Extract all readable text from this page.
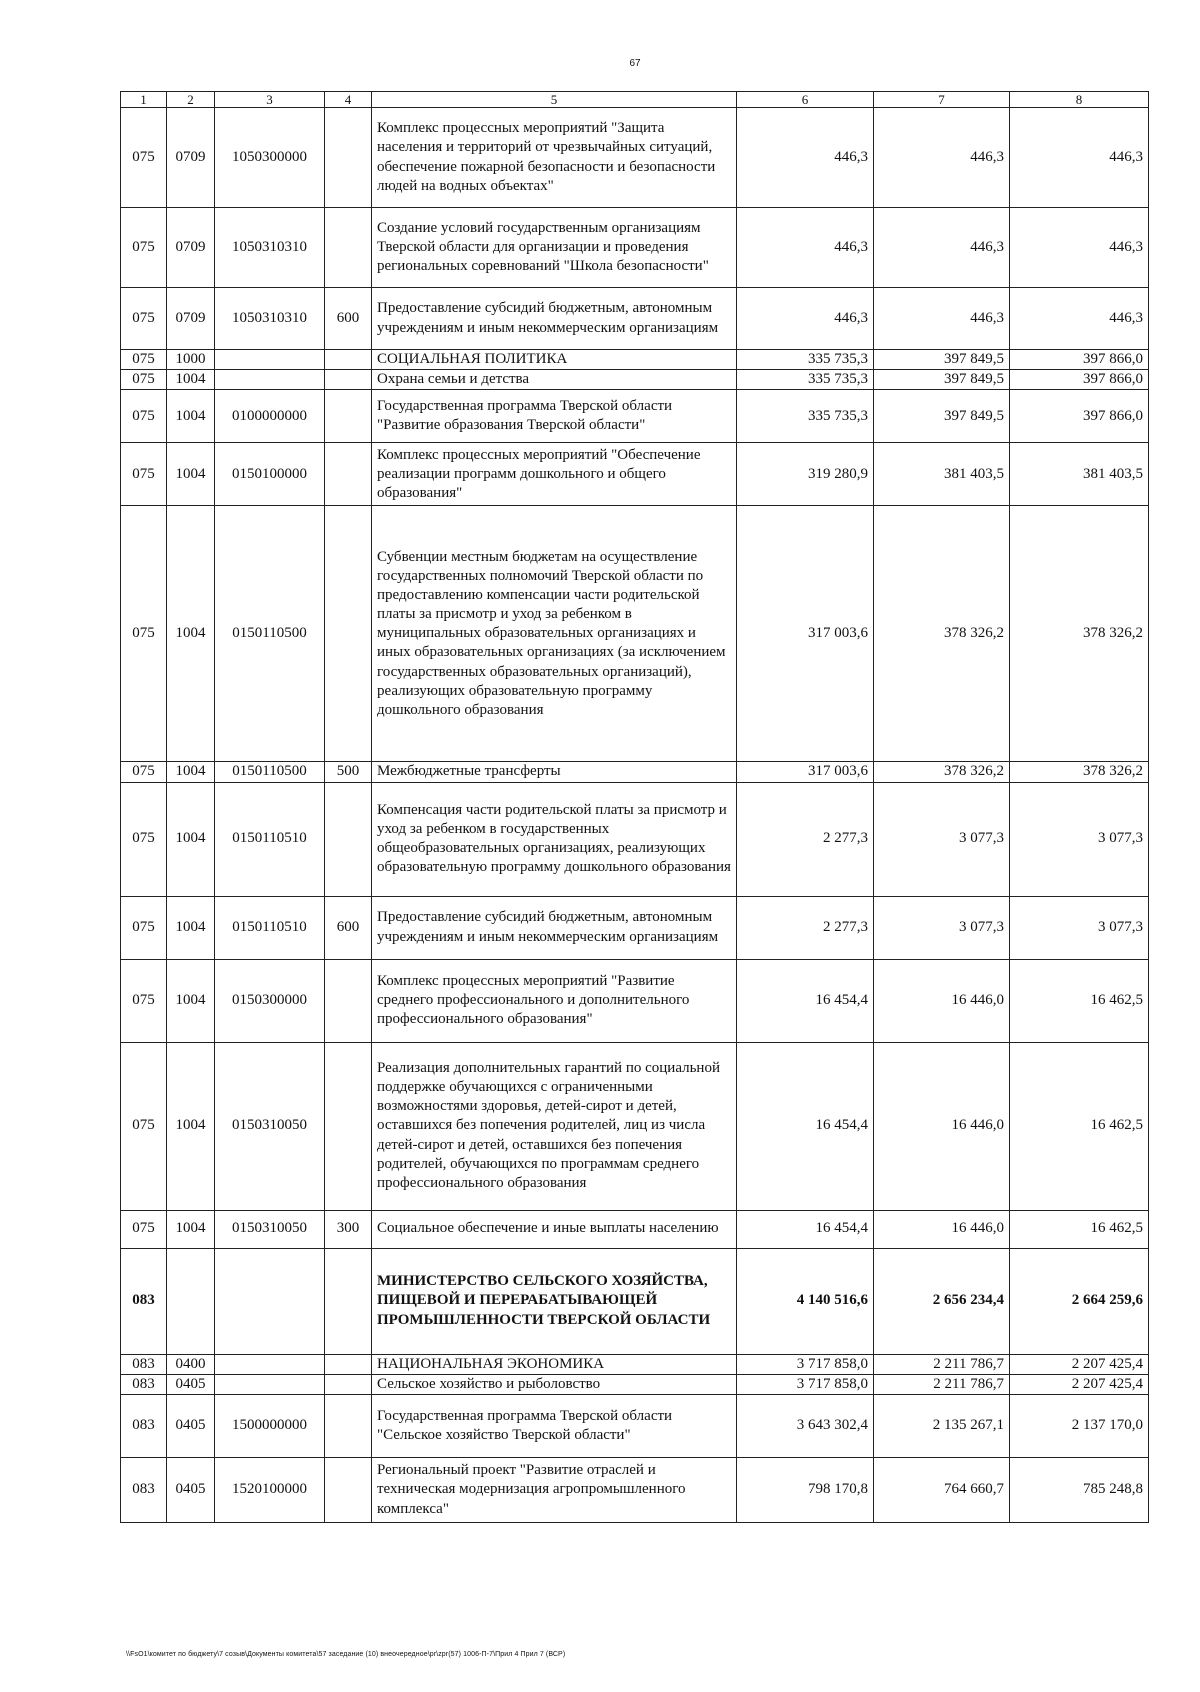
67
1	2	3	4	5	6	7	8
075	0709	1050300000		Комплекс процессных мероприятий "Защита населения и территорий от чрезвычайных ситуаций, обеспечение пожарной безопасности и безопасности людей на водных объектах"	446,3	446,3	446,3
075	0709	1050310310		Создание условий государственным организациям Тверской области для организации и проведения региональных соревнований "Школа безопасности"	446,3	446,3	446,3
075	0709	1050310310	600	Предоставление субсидий бюджетным, автономным учреждениям и иным некоммерческим организациям	446,3	446,3	446,3
075	1000			СОЦИАЛЬНАЯ ПОЛИТИКА	335 735,3	397 849,5	397 866,0
075	1004			Охрана семьи и детства	335 735,3	397 849,5	397 866,0
075	1004	0100000000		Государственная программа Тверской области "Развитие образования Тверской области"	335 735,3	397 849,5	397 866,0
075	1004	0150100000		Комплекс процессных мероприятий "Обеспечение реализации программ дошкольного и общего образования"	319 280,9	381 403,5	381 403,5
075	1004	0150110500		Субвенции местным бюджетам на осуществление государственных полномочий Тверской области по предоставлению компенсации части родительской платы за присмотр и уход за ребенком в муниципальных образовательных организациях и иных образовательных организациях (за исключением государственных образовательных организаций), реализующих образовательную программу дошкольного образования	317 003,6	378 326,2	378 326,2
075	1004	0150110500	500	Межбюджетные трансферты	317 003,6	378 326,2	378 326,2
075	1004	0150110510		Компенсация части родительской платы за присмотр и уход за ребенком в государственных общеобразовательных организациях, реализующих образовательную программу дошкольного образования	2 277,3	3 077,3	3 077,3
075	1004	0150110510	600	Предоставление субсидий бюджетным, автономным учреждениям и иным некоммерческим организациям	2 277,3	3 077,3	3 077,3
075	1004	0150300000		Комплекс процессных мероприятий "Развитие среднего профессионального и дополнительного профессионального образования"	16 454,4	16 446,0	16 462,5
075	1004	0150310050		Реализация дополнительных гарантий по социальной поддержке обучающихся с ограниченными возможностями здоровья, детей-сирот и детей, оставшихся без попечения родителей, лиц из числа детей-сирот и детей, оставшихся без попечения родителей, обучающихся по программам среднего профессионального образования	16 454,4	16 446,0	16 462,5
075	1004	0150310050	300	Социальное обеспечение и иные выплаты населению	16 454,4	16 446,0	16 462,5
083				МИНИСТЕРСТВО СЕЛЬСКОГО ХОЗЯЙСТВА, ПИЩЕВОЙ И ПЕРЕРАБАТЫВАЮЩЕЙ ПРОМЫШЛЕННОСТИ ТВЕРСКОЙ ОБЛАСТИ	4 140 516,6	2 656 234,4	2 664 259,6
083	0400			НАЦИОНАЛЬНАЯ ЭКОНОМИКА	3 717 858,0	2 211 786,7	2 207 425,4
083	0405			Сельское хозяйство и рыболовство	3 717 858,0	2 211 786,7	2 207 425,4
083	0405	1500000000		Государственная программа Тверской области "Сельское хозяйство Тверской области"	3 643 302,4	2 135 267,1	2 137 170,0
083	0405	1520100000		Региональный проект "Развитие отраслей и техническая модернизация агропромышленного комплекса"	798 170,8	764 660,7	785 248,8
\\FsO1\комитет по бюджету\7 созыв\Документы комитета\57 заседание (10) внеочередное\pr\zpr(57) 1006-П-7\Прил 4 Прил 7 (ВСР)
